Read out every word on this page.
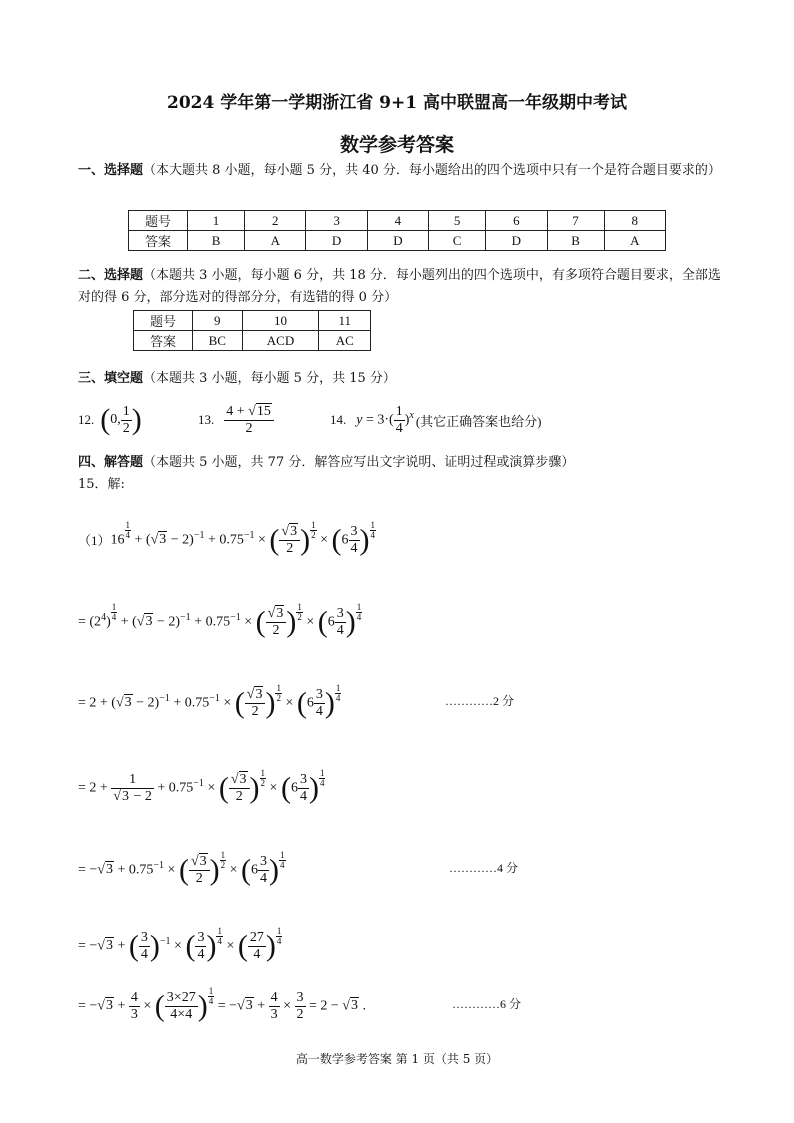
2024 学年第一学期浙江省 9+1 高中联盟高一年级期中考试
数学参考答案
一、选择题（本大题共 8 小题，每小题 5 分，共 40 分．每小题给出的四个选项中只有一个是符合题目要求的）
题号	1	2	3	4	5	6	7	8
答案	B	A	D	D	C	D	B	A
二、选择题（本题共 3 小题，每小题 6 分，共 18 分．每小题列出的四个选项中，有多项符合题目要求，全部选对的得 6 分，部分选对的得部分分，有选错的得 0 分）
题号	9	10	11
答案	BC	ACD	AC
三、填空题（本题共 3 小题，每小题 5 分，共 15 分）
12. (0, $\frac{1}{2}$ )	13. $\frac{4 + √15}{2}$	14. $y = 3\cdot( \frac{1}{4} )^x$ (其它正确答案也给分)
四、解答题（本题共 5 小题，共 77 分．解答应写出文字说明、证明过程或演算步骤）
15．解:
（1） 16
$\frac{1}{4}$
+ $(√3 - 2)^{-1} + 0.75^{-1}$ × ( $\frac{√3}{2}$ ) $\frac{1}{2}$
× ($6 \frac{3}{4}$ ) $\frac{1}{4}$
= $(2^4)$
$\frac{1}{4}$
+ $(√3 - 2)^{-1} + 0.75^{-1}$ × ( $\frac{√3}{2}$ ) $\frac{1}{2}$
× ($6 \frac{3}{4}$ ) $\frac{1}{4}$
= $2 + (√3 - 2)^{-1} + 0.75^{-1}$ × ( $\frac{√3}{2}$ ) $\frac{1}{2}$
× ($6 \frac{3}{4}$ ) $\frac{1}{4}$	…………2 分
= $2 + \frac{1}{√3 - 2} + 0.75^{-1}$ × ( $\frac{√3}{2}$ ) $\frac{1}{2}$
× ($6 \frac{3}{4}$ ) $\frac{1}{4}$
= $-√3 + 0.75^{-1}$ × ( $\frac{√3}{2}$ ) $\frac{1}{2}$
× ($6 \frac{3}{4}$ ) $\frac{1}{4}$	…………4 分
= −√3 + ( $\frac{3}{4} )^{-1}$ × ( $\frac{3}{4}$ ) $\frac{1}{4}$
× ( $\frac{27}{4}$ ) $\frac{1}{4}$
= $-√3 + \frac{4}{3}$ × ( $\frac{3\times 27}{4\times 4}$ ) $\frac{1}{4}$
= $-√3 + \frac{4}{3} \times \frac{3}{2} = 2 - √3$ .	…………6 分
高一数学参考答案 第 1 页（共 5 页）
